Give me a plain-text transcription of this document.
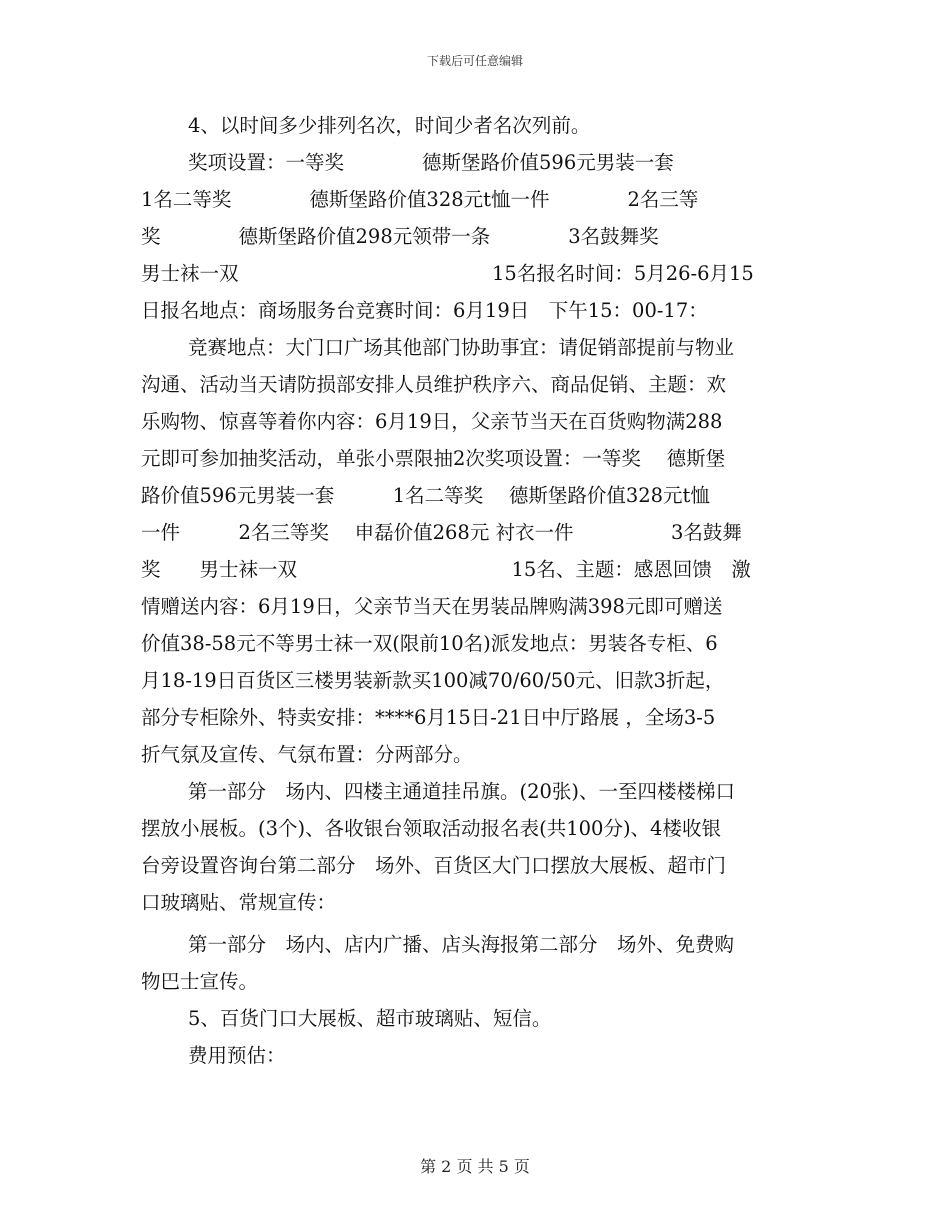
下载后可任意编辑
4、以时间多少排列名次，时间少者名次列前。
奖项设置：一等奖　　　　德斯堡路价值596元男装一套
1名二等奖　　　　德斯堡路价值328元t恤一件　　　　2名三等
奖　　　　德斯堡路价值298元领带一条　　　　3名鼓舞奖
男士袜一双　　　　　　　　　　　　　15名报名时间：5月26-6月15
日报名地点：商场服务台竞赛时间：6月19日　下午15：00-17：
竞赛地点：大门口广场其他部门协助事宜：请促销部提前与物业
沟通、活动当天请防损部安排人员维护秩序六、商品促销、主题：欢
乐购物、惊喜等着你内容：6月19日，父亲节当天在百货购物满288
元即可参加抽奖活动，单张小票限抽2次奖项设置：一等奖　 德斯堡
路价值596元男装一套　　　1名二等奖　 德斯堡路价值328元t恤
一件　　　2名三等奖　 申磊价值268元 衬衣一件　　　　　3名鼓舞
奖　　男士袜一双　　　　　　　　　　　15名、主题：感恩回馈　激
情赠送内容：6月19日，父亲节当天在男装品牌购满398元即可赠送
价值38-58元不等男士袜一双(限前10名)派发地点：男装各专柜、6
月18-19日百货区三楼男装新款买100减70/60/50元、旧款3折起，
部分专柜除外、特卖安排：****6月15日-21日中厅路展 ，全场3-5
折气氛及宣传、气氛布置：分两部分。
第一部分　场内、四楼主通道挂吊旗。(20张)、一至四楼楼梯口
摆放小展板。(3个)、各收银台领取活动报名表(共100分)、4楼收银
台旁设置咨询台第二部分　场外、百货区大门口摆放大展板、超市门
口玻璃贴、常规宣传：
第一部分　场内、店内广播、店头海报第二部分　场外、免费购
物巴士宣传。
5、百货门口大展板、超市玻璃贴、短信。
费用预估：
第 2 页 共 5 页
